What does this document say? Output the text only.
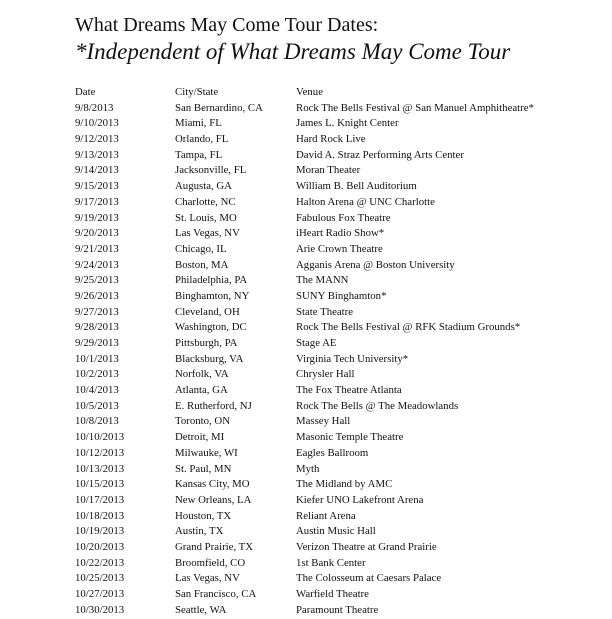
What Dreams May Come Tour Dates:
*Independent of What Dreams May Come Tour
Date	City/State	Venue
9/8/2013	San Bernardino, CA	Rock The Bells Festival @ San Manuel Amphitheatre*
9/10/2013	Miami, FL	James L. Knight Center
9/12/2013	Orlando, FL	Hard Rock Live
9/13/2013	Tampa, FL	David A. Straz Performing Arts Center
9/14/2013	Jacksonville, FL	Moran Theater
9/15/2013	Augusta, GA	William B. Bell Auditorium
9/17/2013	Charlotte, NC	Halton Arena @ UNC Charlotte
9/19/2013	St. Louis, MO	Fabulous Fox Theatre
9/20/2013	Las Vegas, NV	iHeart Radio Show*
9/21/2013	Chicago, IL	Arie Crown Theatre
9/24/2013	Boston, MA	Agganis Arena @ Boston University
9/25/2013	Philadelphia, PA	The MANN
9/26/2013	Binghamton, NY	SUNY Binghamton*
9/27/2013	Cleveland, OH	State Theatre
9/28/2013	Washington, DC	Rock The Bells Festival @ RFK Stadium Grounds*
9/29/2013	Pittsburgh, PA	Stage AE
10/1/2013	Blacksburg, VA	Virginia Tech University*
10/2/2013	Norfolk, VA	Chrysler Hall
10/4/2013	Atlanta, GA	The Fox Theatre Atlanta
10/5/2013	E. Rutherford, NJ	Rock The Bells @ The Meadowlands
10/8/2013	Toronto, ON	Massey Hall
10/10/2013	Detroit, MI	Masonic Temple Theatre
10/12/2013	Milwauke, WI	Eagles Ballroom
10/13/2013	St. Paul, MN	Myth
10/15/2013	Kansas City, MO	The Midland by AMC
10/17/2013	New Orleans, LA	Kiefer UNO Lakefront Arena
10/18/2013	Houston, TX	Reliant Arena
10/19/2013	Austin, TX	Austin Music Hall
10/20/2013	Grand Prairie, TX	Verizon Theatre at Grand Prairie
10/22/2013	Broomfield, CO	1st Bank Center
10/25/2013	Las Vegas, NV	The Colosseum at Caesars Palace
10/27/2013	San Francisco, CA	Warfield Theatre
10/30/2013	Seattle, WA	Paramount Theatre
